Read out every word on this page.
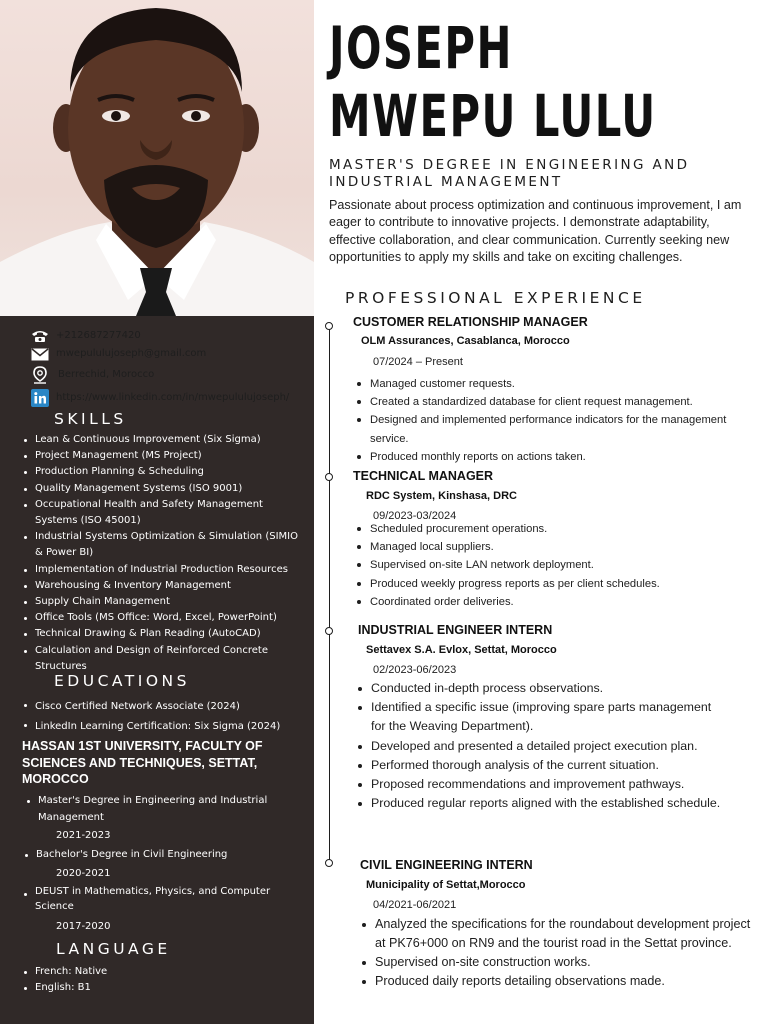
+212687277420
mwepululujoseph@gmail.com
Berrechid, Morocco
https://www.linkedin.com/in/mwepululujoseph/
SKILLS
Lean & Continuous Improvement (Six Sigma)
Project Management (MS Project)
Production Planning & Scheduling
Quality Management Systems (ISO 9001)
Occupational Health and Safety Management Systems (ISO 45001)
Industrial Systems Optimization & Simulation (SIMIO & Power BI)
Implementation of Industrial Production Resources
Warehousing & Inventory Management
Supply Chain Management
Office Tools (MS Office: Word, Excel, PowerPoint)
Technical Drawing & Plan Reading (AutoCAD)
Calculation and Design of Reinforced Concrete Structures
EDUCATIONS
Cisco Certified Network Associate (2024)
LinkedIn Learning Certification: Six Sigma (2024)
HASSAN 1ST UNIVERSITY, FACULTY OF SCIENCES AND TECHNIQUES, SETTAT, MOROCCO
Master's Degree in Engineering and Industrial Management
2021-2023
Bachelor's Degree in Civil Engineering
2020-2021
DEUST in Mathematics, Physics, and Computer Science
2017-2020
LANGUAGE
French: Native
English: B1
JOSEPH
MWEPU LULU
MASTER'S DEGREE IN ENGINEERING AND INDUSTRIAL MANAGEMENT
Passionate about process optimization and continuous improvement, I am eager to contribute to innovative projects. I demonstrate adaptability, effective collaboration, and clear communication. Currently seeking new opportunities to apply my skills and take on exciting challenges.
PROFESSIONAL EXPERIENCE
CUSTOMER RELATIONSHIP MANAGER
OLM Assurances, Casablanca, Morocco
07/2024 – Present
Managed customer requests.
Created a standardized database for client request management.
Designed and implemented performance indicators for the management service.
Produced monthly reports on actions taken.
TECHNICAL MANAGER
RDC System, Kinshasa, DRC
09/2023-03/2024
Scheduled procurement operations.
Managed local suppliers.
Supervised on-site LAN network deployment.
Produced weekly progress reports as per client schedules.
Coordinated order deliveries.
INDUSTRIAL ENGINEER INTERN
Settavex S.A. Evlox, Settat, Morocco
02/2023-06/2023
Conducted in-depth process observations.
Identified a specific issue (improving spare parts management for the Weaving Department).
Developed and presented a detailed project execution plan.
Performed thorough analysis of the current situation.
Proposed recommendations and improvement pathways.
Produced regular reports aligned with the established schedule.
CIVIL ENGINEERING INTERN
Municipality of Settat,Morocco
04/2021-06/2021
Analyzed the specifications for the roundabout development project at PK76+000 on RN9 and the tourist road in the Settat province.
Supervised on-site construction works.
Produced daily reports detailing observations made.
